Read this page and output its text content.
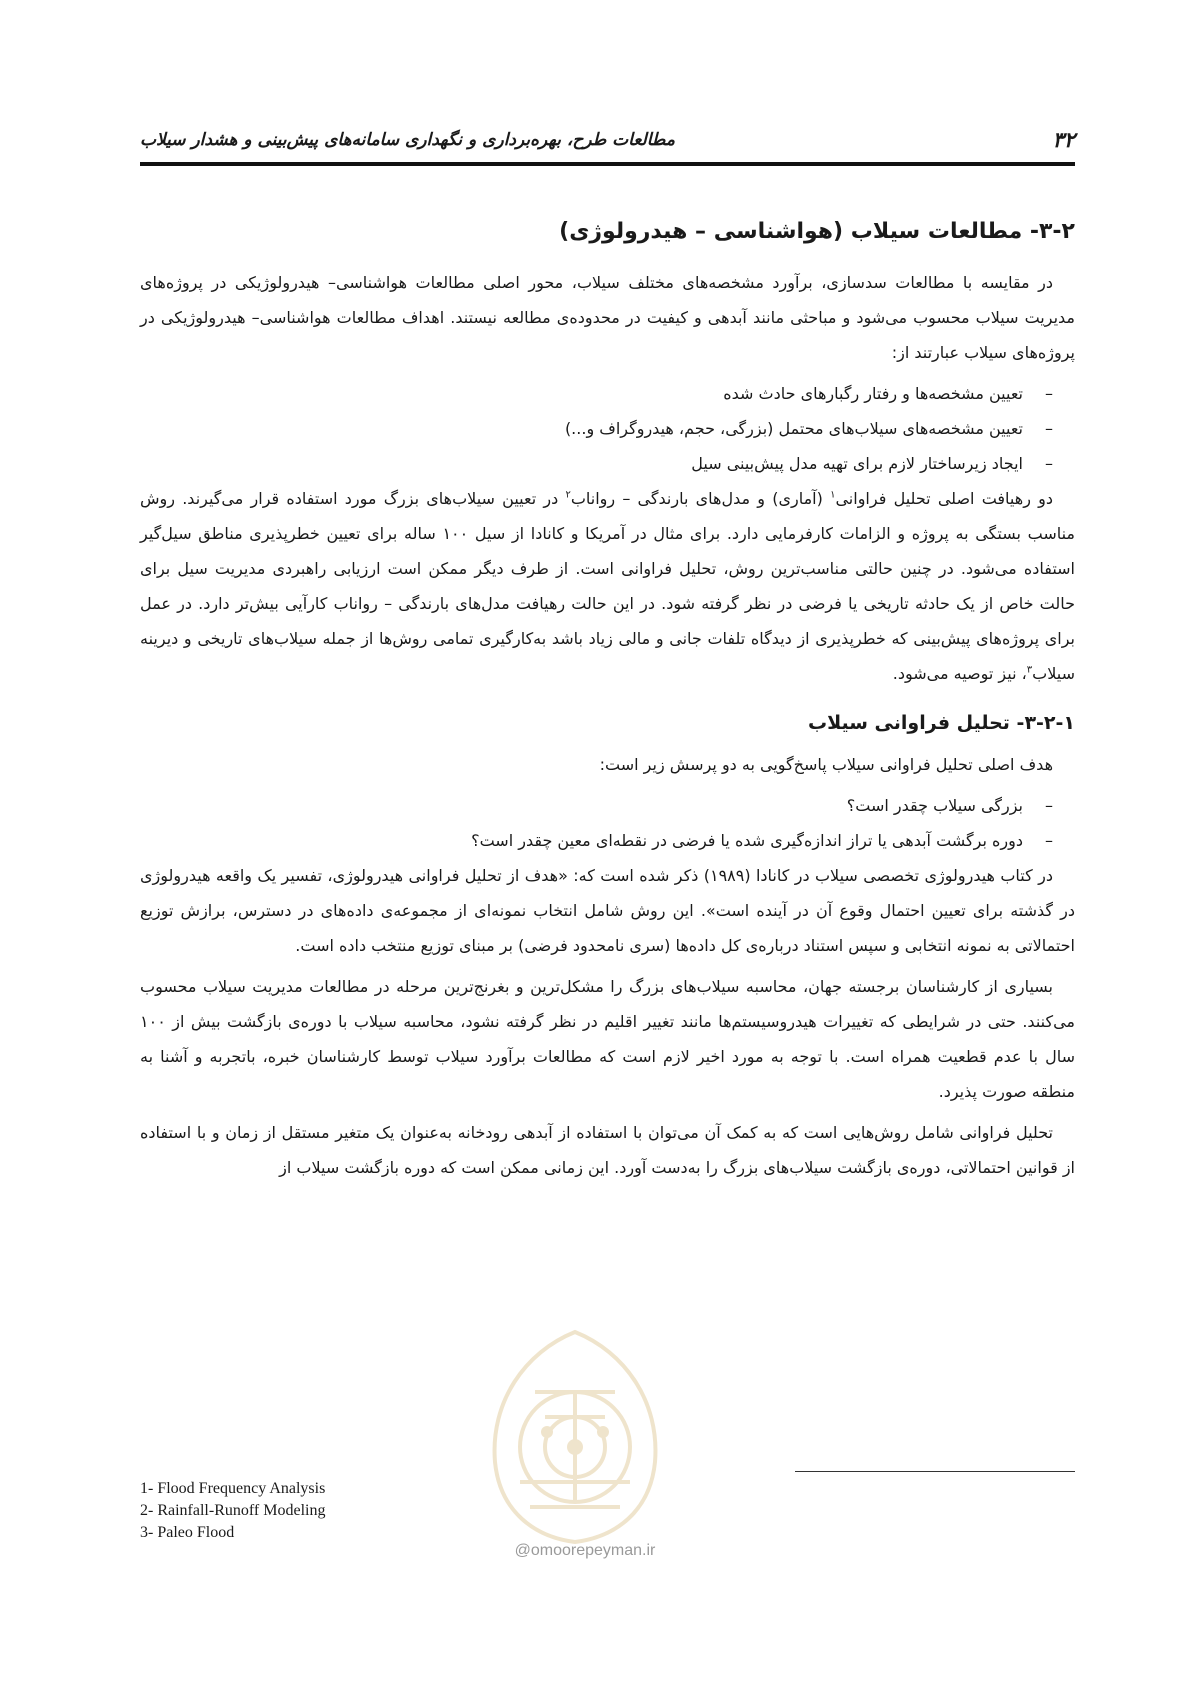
۳۲
مطالعات طرح، بهره‌برداری و نگهداری سامانه‌های پیش‌بینی و هشدار سیلاب
۳-۲- مطالعات سیلاب (هواشناسی – هیدرولوژی)

در مقایسه با مطالعات سدسازی، برآورد مشخصه‌های مختلف سیلاب، محور اصلی مطالعات هواشناسی– هیدرولوژیکی در پروژه‌های مدیریت سیلاب محسوب می‌شود و مباحثی مانند آبدهی و کیفیت در محدوده‌ی مطالعه نیستند. اهداف مطالعات هواشناسی– هیدرولوژیکی در پروژه‌های سیلاب عبارتند از:

–تعیین مشخصه‌ها و رفتار رگبارهای حادث شده
–تعیین مشخصه‌های سیلاب‌های محتمل (بزرگی، حجم، هیدروگراف و...)
–ایجاد زیرساختار لازم برای تهیه مدل پیش‌بینی سیل

دو رهیافت اصلی تحلیل فراوانی$^۱$ (آماری) و مدل‌های بارندگی – رواناب$^۲$ در تعیین سیلاب‌های بزرگ مورد استفاده قرار می‌گیرند. روش مناسب بستگی به پروژه و الزامات کارفرمایی دارد. برای مثال در آمریکا و کانادا از سیل ۱۰۰ ساله برای تعیین خطرپذیری مناطق سیل‌گیر استفاده می‌شود. در چنین حالتی مناسب‌ترین روش، تحلیل فراوانی است. از طرف دیگر ممکن است ارزیابی راهبردی مدیریت سیل برای حالت خاص از یک حادثه تاریخی یا فرضی در نظر گرفته شود. در این حالت رهیافت مدل‌های بارندگی – رواناب کارآیی بیش‌تر دارد. در عمل برای پروژه‌های پیش‌بینی که خطرپذیری از دیدگاه تلفات جانی و مالی زیاد باشد به‌کارگیری تمامی روش‌ها از جمله سیلاب‌های تاریخی و دیرینه سیلاب$^۳$، نیز توصیه می‌شود.

۳-۲-۱- تحلیل فراوانی سیلاب

هدف اصلی تحلیل فراوانی سیلاب پاسخ‌گویی به دو پرسش زیر است:

–بزرگی سیلاب چقدر است؟
–دوره برگشت آبدهی یا تراز اندازه‌گیری شده یا فرضی در نقطه‌ای معین چقدر است؟

در کتاب هیدرولوژی تخصصی سیلاب در کانادا (۱۹۸۹) ذکر شده است که: «هدف از تحلیل فراوانی هیدرولوژی، تفسیر یک واقعه هیدرولوژی در گذشته برای تعیین احتمال وقوع آن در آینده است». این روش شامل انتخاب نمونه‌ای از مجموعه‌ی داده‌های در دسترس، برازش توزیع احتمالاتی به نمونه انتخابی و سپس استناد درباره‌ی کل داده‌ها (سری نامحدود فرضی) بر مبنای توزیع منتخب داده است.

بسیاری از کارشناسان برجسته جهان، محاسبه سیلاب‌های بزرگ را مشکل‌ترین و بغرنج‌ترین مرحله در مطالعات مدیریت سیلاب محسوب می‌کنند. حتی در شرایطی که تغییرات هیدروسیستم‌ها مانند تغییر اقلیم در نظر گرفته نشود، محاسبه سیلاب با دوره‌ی بازگشت بیش از ۱۰۰ سال با عدم قطعیت همراه است. با توجه به مورد اخیر لازم است که مطالعات برآورد سیلاب توسط کارشناسان خبره، باتجربه و آشنا به منطقه صورت پذیرد.

تحلیل فراوانی شامل روش‌هایی است که به کمک آن می‌توان با استفاده از آبدهی رودخانه به‌عنوان یک متغیر مستقل از زمان و با استفاده از قوانین احتمالاتی، دوره‌ی بازگشت سیلاب‌های بزرگ را به‌دست آورد. این زمانی ممکن است که دوره بازگشت سیلاب از

1- Flood Frequency Analysis
2- Rainfall-Runoff Modeling
3- Paleo Flood
@omoorepeyman.ir
